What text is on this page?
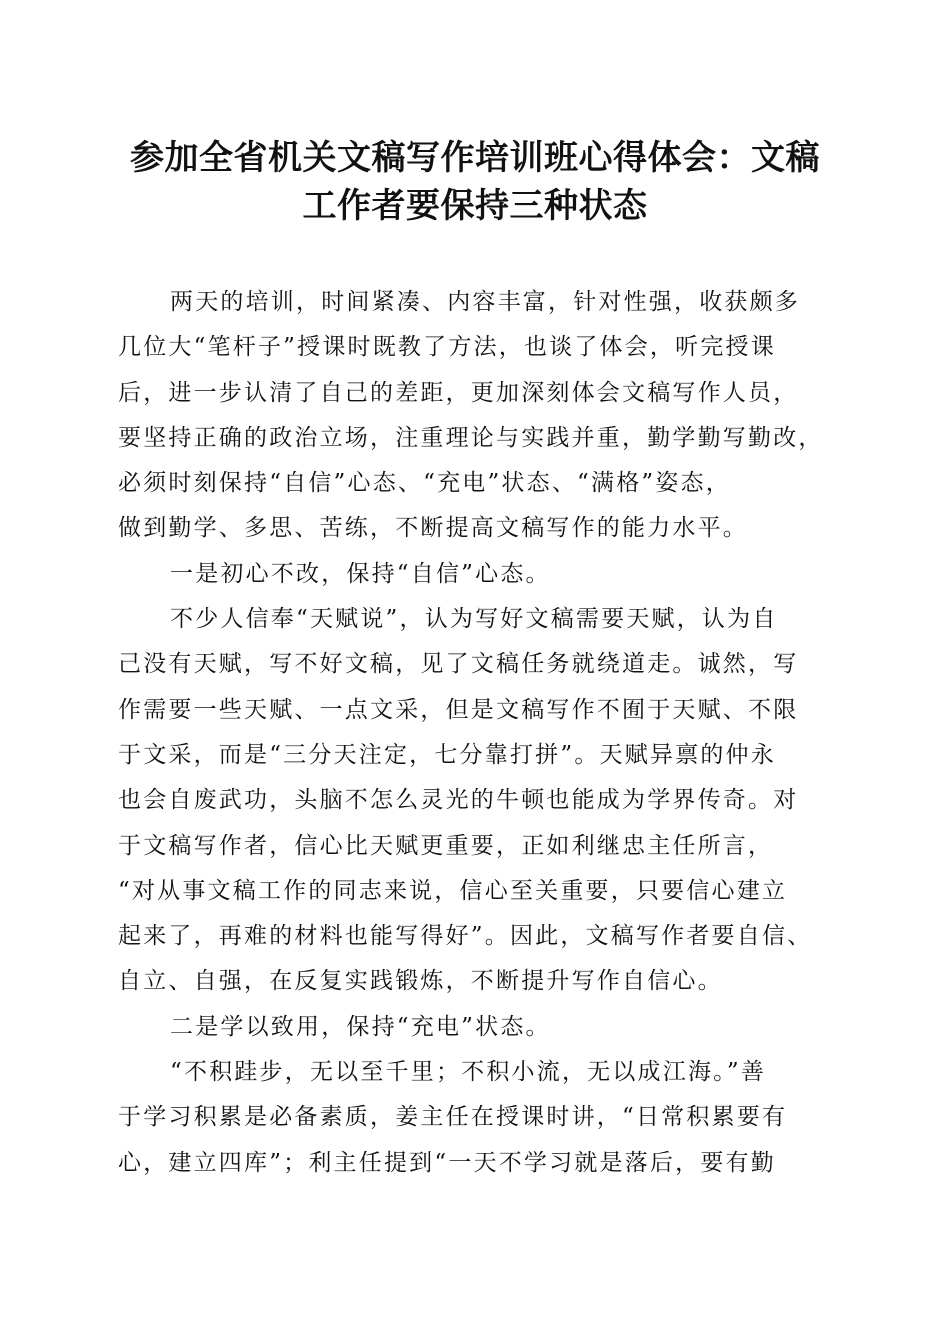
参加全省机关文稿写作培训班心得体会：文稿
工作者要保持三种状态
两天的培训，时间紧凑、内容丰富，针对性强，收获颇多
几位大“笔杆子”授课时既教了方法，也谈了体会，听完授课
后，进一步认清了自己的差距，更加深刻体会文稿写作人员，
要坚持正确的政治立场，注重理论与实践并重，勤学勤写勤改，
必须时刻保持“自信”心态、“充电”状态、“满格”姿态，
做到勤学、多思、苦练，不断提高文稿写作的能力水平。
一是初心不改，保持“自信”心态。
不少人信奉“天赋说”，认为写好文稿需要天赋，认为自
己没有天赋，写不好文稿，见了文稿任务就绕道走。诚然，写
作需要一些天赋、一点文采，但是文稿写作不囿于天赋、不限
于文采，而是“三分天注定，七分靠打拼”。天赋异禀的仲永
也会自废武功，头脑不怎么灵光的牛顿也能成为学界传奇。对
于文稿写作者，信心比天赋更重要，正如利继忠主任所言，
“对从事文稿工作的同志来说，信心至关重要，只要信心建立
起来了，再难的材料也能写得好”。因此，文稿写作者要自信、
自立、自强，在反复实践锻炼，不断提升写作自信心。
二是学以致用，保持“充电”状态。
“不积跬步，无以至千里；不积小流，无以成江海。”善
于学习积累是必备素质，姜主任在授课时讲，“日常积累要有
心，建立四库”；利主任提到“一天不学习就是落后，要有勤
